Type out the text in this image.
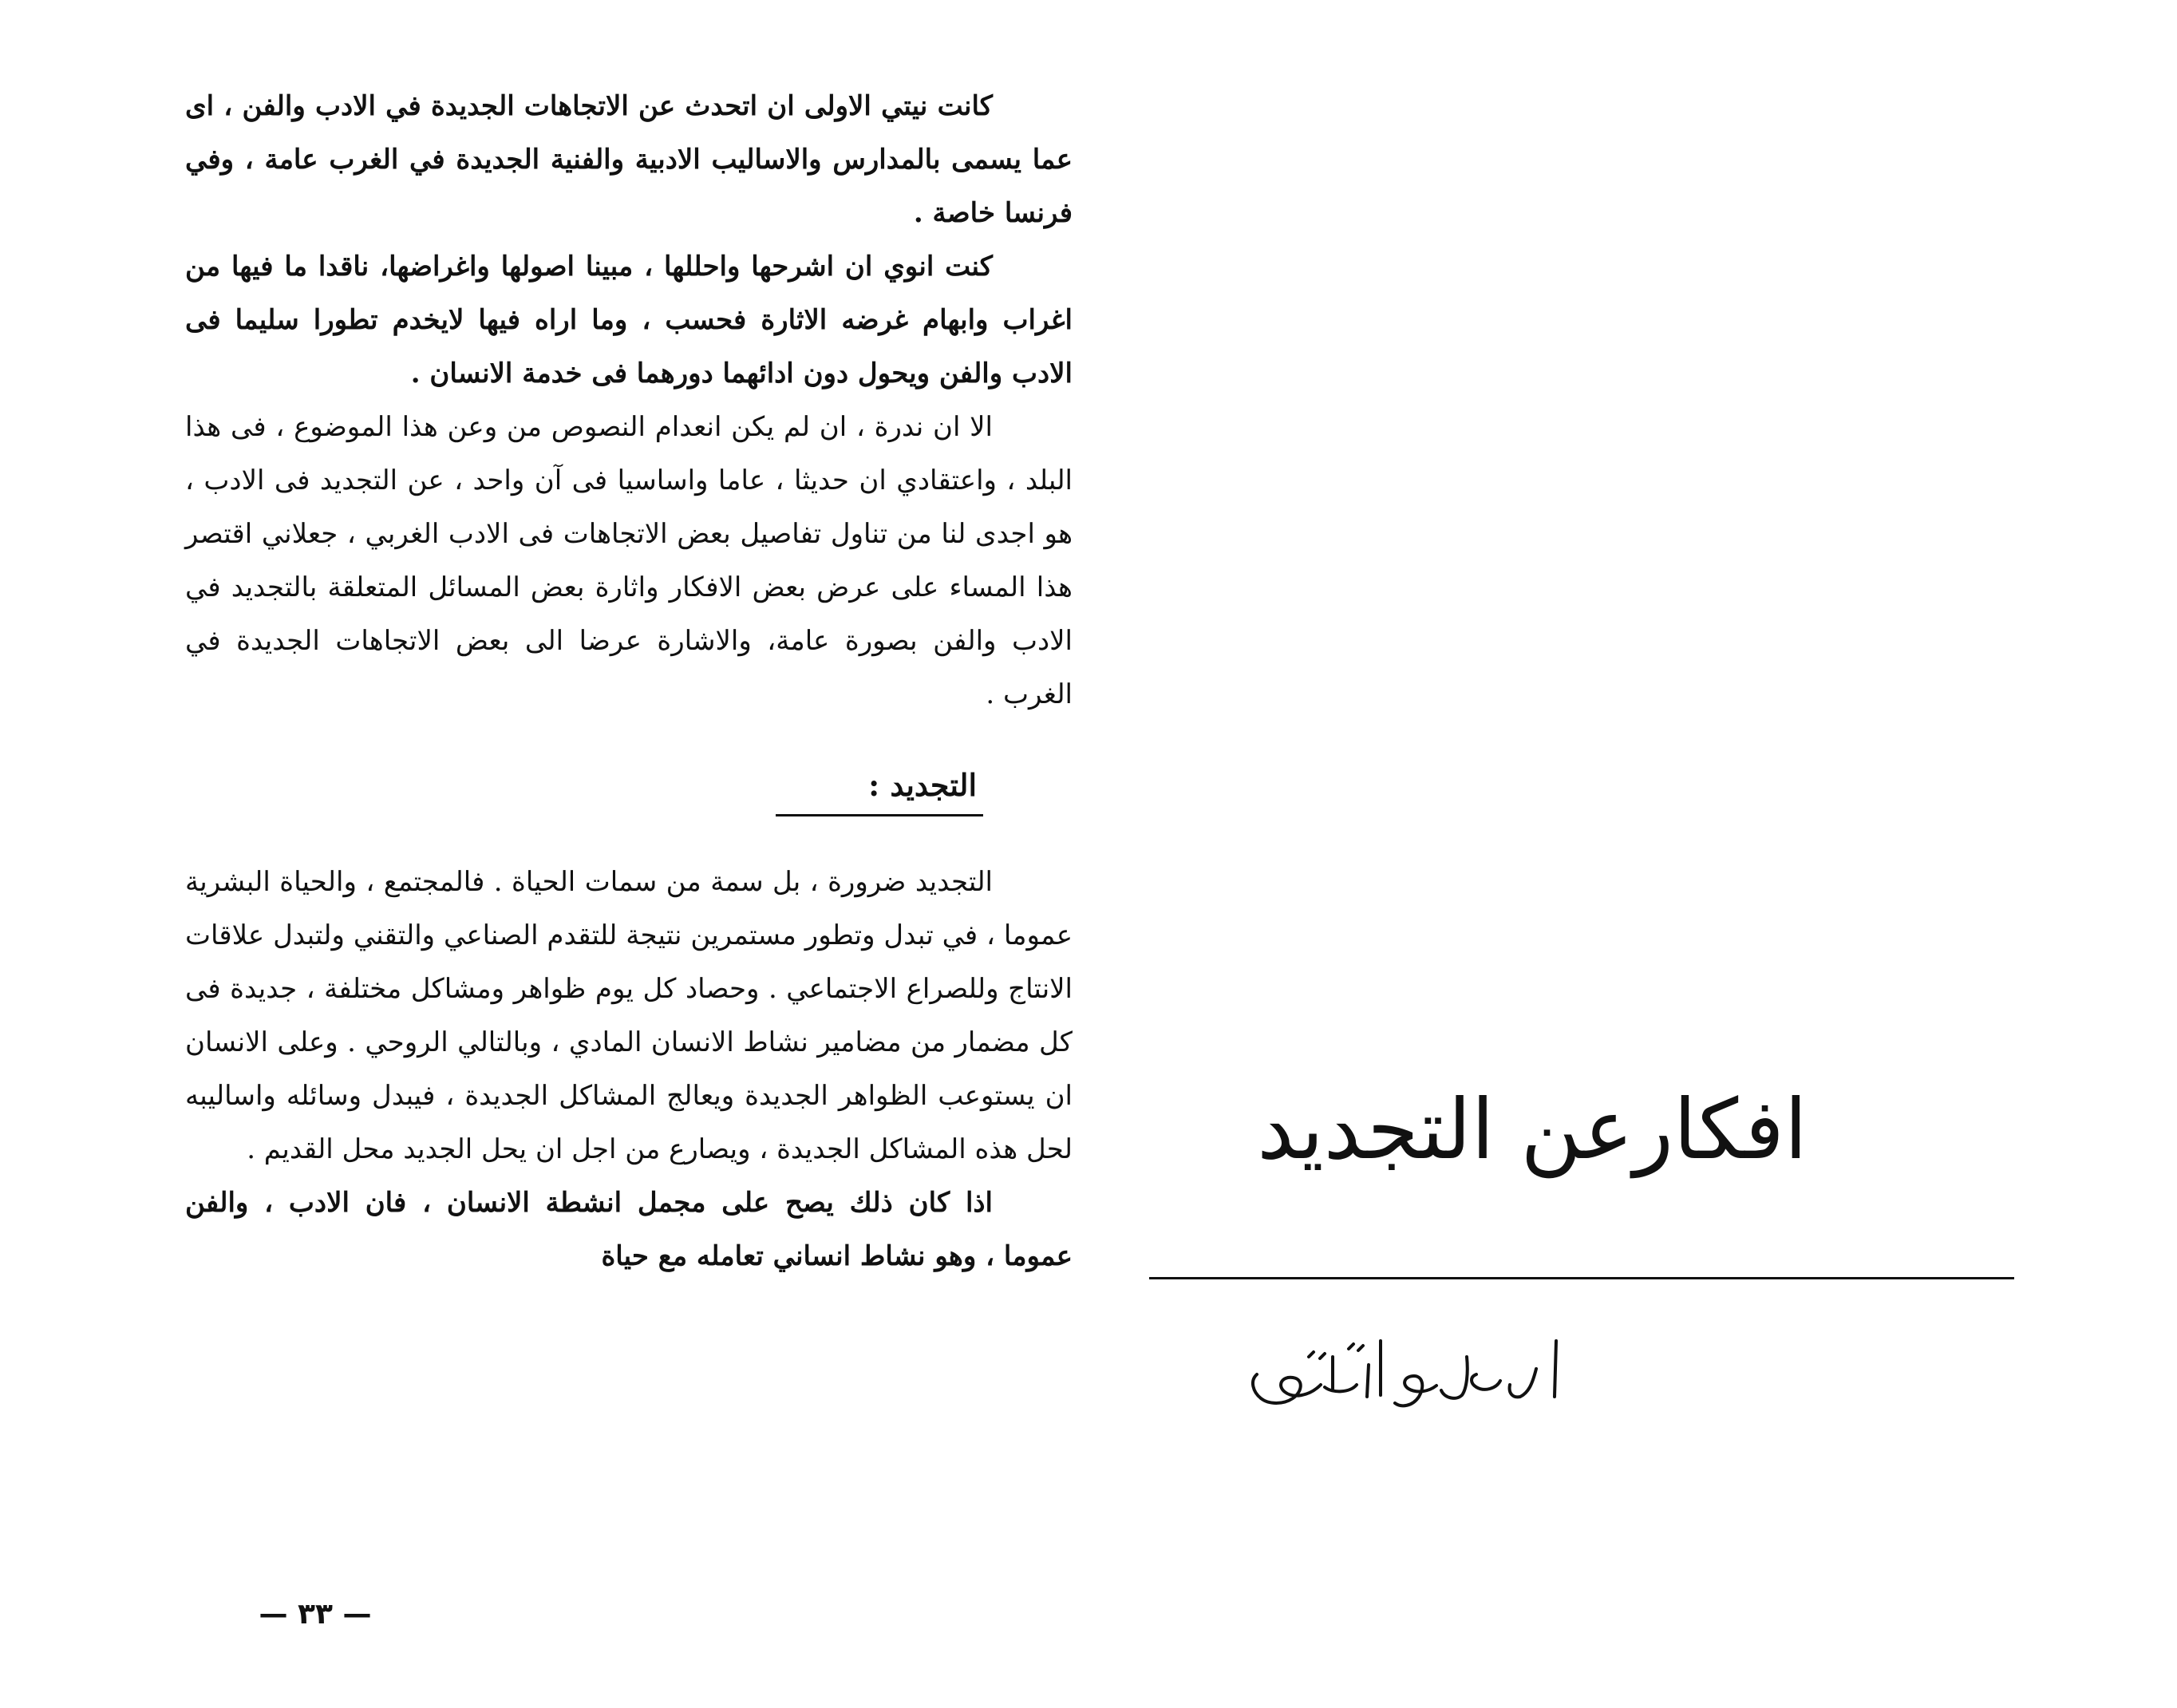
كانت نيتي الاولى ان اتحدث عن الاتجاهات الجديدة في الادب والفن ، اى عما يسمى بالمدارس والاساليب الادبية والفنية الجديدة في الغرب عامة ، وفي فرنسا خاصة .

كنت انوي ان اشرحها واحللها ، مبينا اصولها واغراضها، ناقدا ما فيها من اغراب وابهام غرضه الاثارة فحسب ، وما اراه فيها لايخدم تطورا سليما فى الادب والفن ويحول دون ادائهما دورهما فى خدمة الانسان .

الا ان ندرة ، ان لم يكن انعدام النصوص من وعن هذا الموضوع ، فى هذا البلد ، واعتقادي ان حديثا ، عاما واساسيا فى آن واحد ، عن التجديد فى الادب ، هو اجدى لنا من تناول تفاصيل بعض الاتجاهات فى الادب الغربي ، جعلاني اقتصر هذا المساء على عرض بعض الافكار واثارة بعض المسائل المتعلقة بالتجديد في الادب والفن بصورة عامة، والاشارة عرضا الى بعض الاتجاهات الجديدة في الغرب .

التجديد :

التجديد ضرورة ، بل سمة من سمات الحياة . فالمجتمع ، والحياة البشرية عموما ، في تبدل وتطور مستمرين نتيجة للتقدم الصناعي والتقني ولتبدل علاقات الانتاج وللصراع الاجتماعي . وحصاد كل يوم ظواهر ومشاكل مختلفة ، جديدة فى كل مضمار من مضامير نشاط الانسان المادي ، وبالتالي الروحي . وعلى الانسان ان يستوعب الظواهر الجديدة ويعالج المشاكل الجديدة ، فيبدل وسائله واساليبه لحل هذه المشاكل الجديدة ، ويصارع من اجل ان يحل الجديد محل القديم .

اذا كان ذلك يصح على مجمل انشطة الانسان ، فان الادب ، والفن عموما ، وهو نشاط انساني تعامله مع حياة

— ٣٣ —
افكارعن التجديد
